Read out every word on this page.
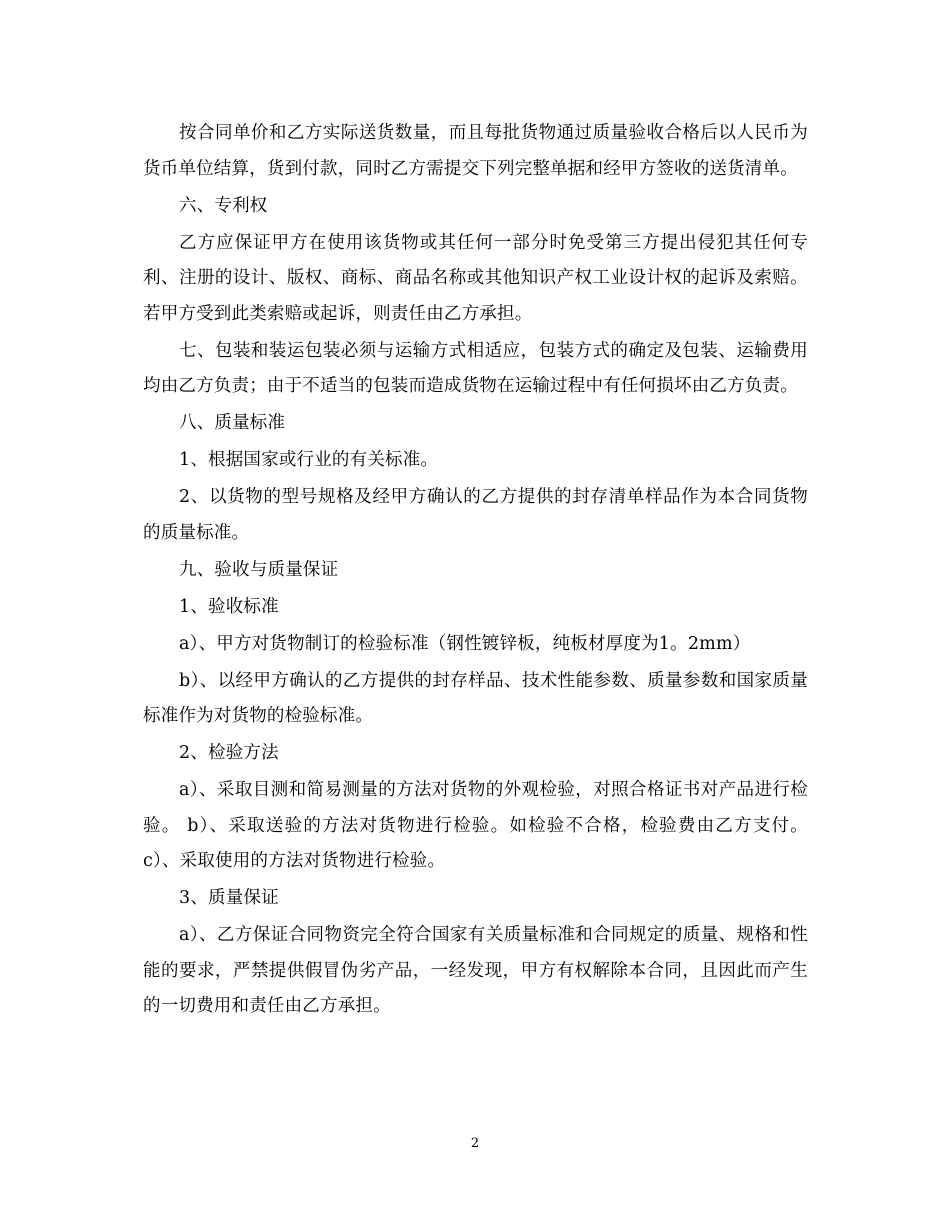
按合同单价和乙方实际送货数量，而且每批货物通过质量验收合格后以人民币为货币单位结算，货到付款，同时乙方需提交下列完整单据和经甲方签收的送货清单。

六、专利权

乙方应保证甲方在使用该货物或其任何一部分时免受第三方提出侵犯其任何专利、注册的设计、版权、商标、商品名称或其他知识产权工业设计权的起诉及索赔。若甲方受到此类索赔或起诉，则责任由乙方承担。

七、包装和装运包装必须与运输方式相适应，包装方式的确定及包装、运输费用均由乙方负责；由于不适当的包装而造成货物在运输过程中有任何损坏由乙方负责。

八、质量标准

1、根据国家或行业的有关标准。

2、以货物的型号规格及经甲方确认的乙方提供的封存清单样品作为本合同货物的质量标准。

九、验收与质量保证

1、验收标准

a）、甲方对货物制订的检验标准（钢性镀锌板，纯板材厚度为1。2mm）

b）、以经甲方确认的乙方提供的封存样品、技术性能参数、质量参数和国家质量标准作为对货物的检验标准。

2、检验方法

a）、采取目测和简易测量的方法对货物的外观检验，对照合格证书对产品进行检验。 b）、采取送验的方法对货物进行检验。如检验不合格，检验费由乙方支付。 c）、采取使用的方法对货物进行检验。

3、质量保证

a）、乙方保证合同物资完全符合国家有关质量标准和合同规定的质量、规格和性能的要求，严禁提供假冒伪劣产品，一经发现，甲方有权解除本合同，且因此而产生的一切费用和责任由乙方承担。

2
